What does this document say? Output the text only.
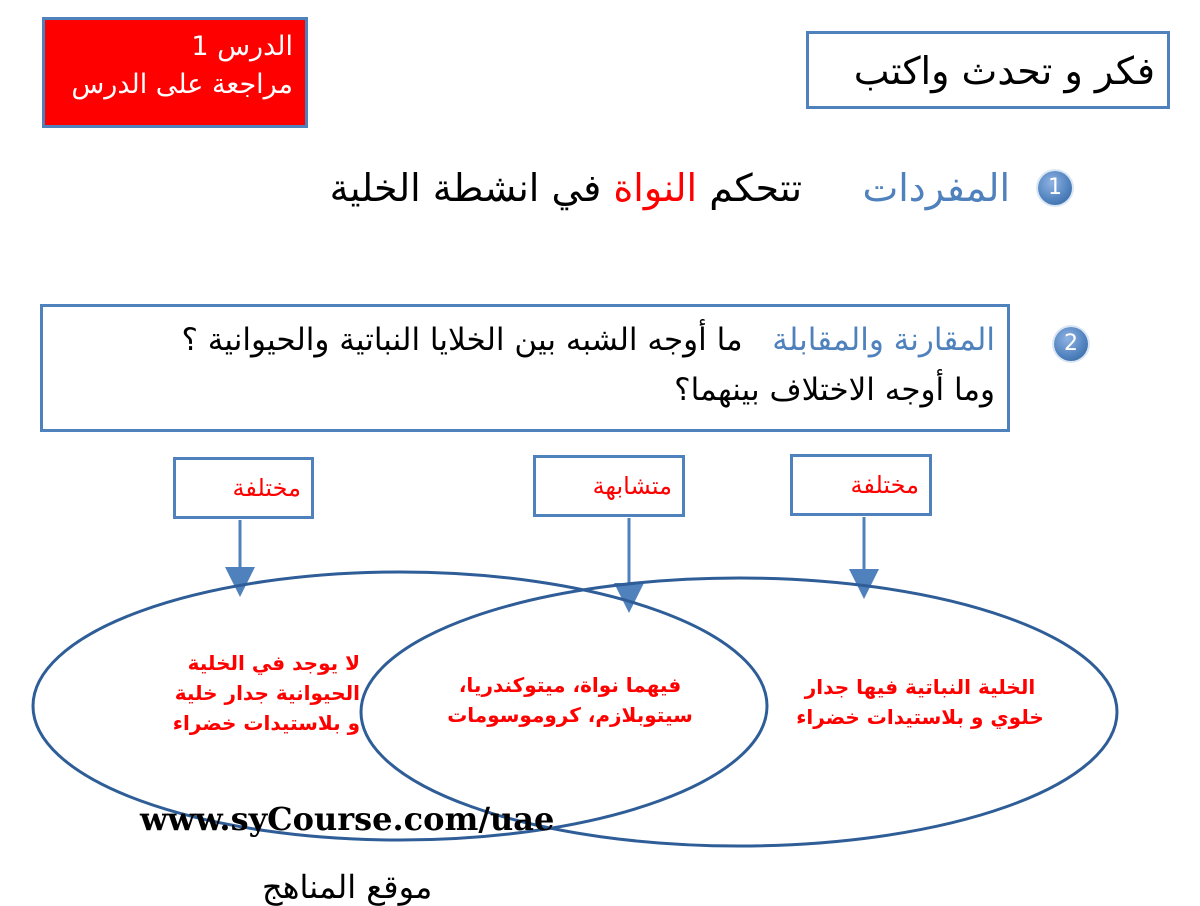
الدرس 1
مراجعة على الدرس	فكر و تحدث واكتب
1
المفردات     تتحكم النواة في انشطة الخلية
2
المقارنة والمقابلة   ما أوجه الشبه بين الخلايا النباتية والحيوانية ؟
وما أوجه الاختلاف بينهما؟
مختلفة	متشابهة	مختلفة
لا يوجد في الخلية
الحيوانية جدار خلية
و بلاستيدات خضراء
فيهما نواة، ميتوكندريا،
سيتوبلازم، كروموسومات
الخلية النباتية فيها جدار
خلوي و بلاستيدات خضراء
www.syCourse.com/uae
موقع المناهج
